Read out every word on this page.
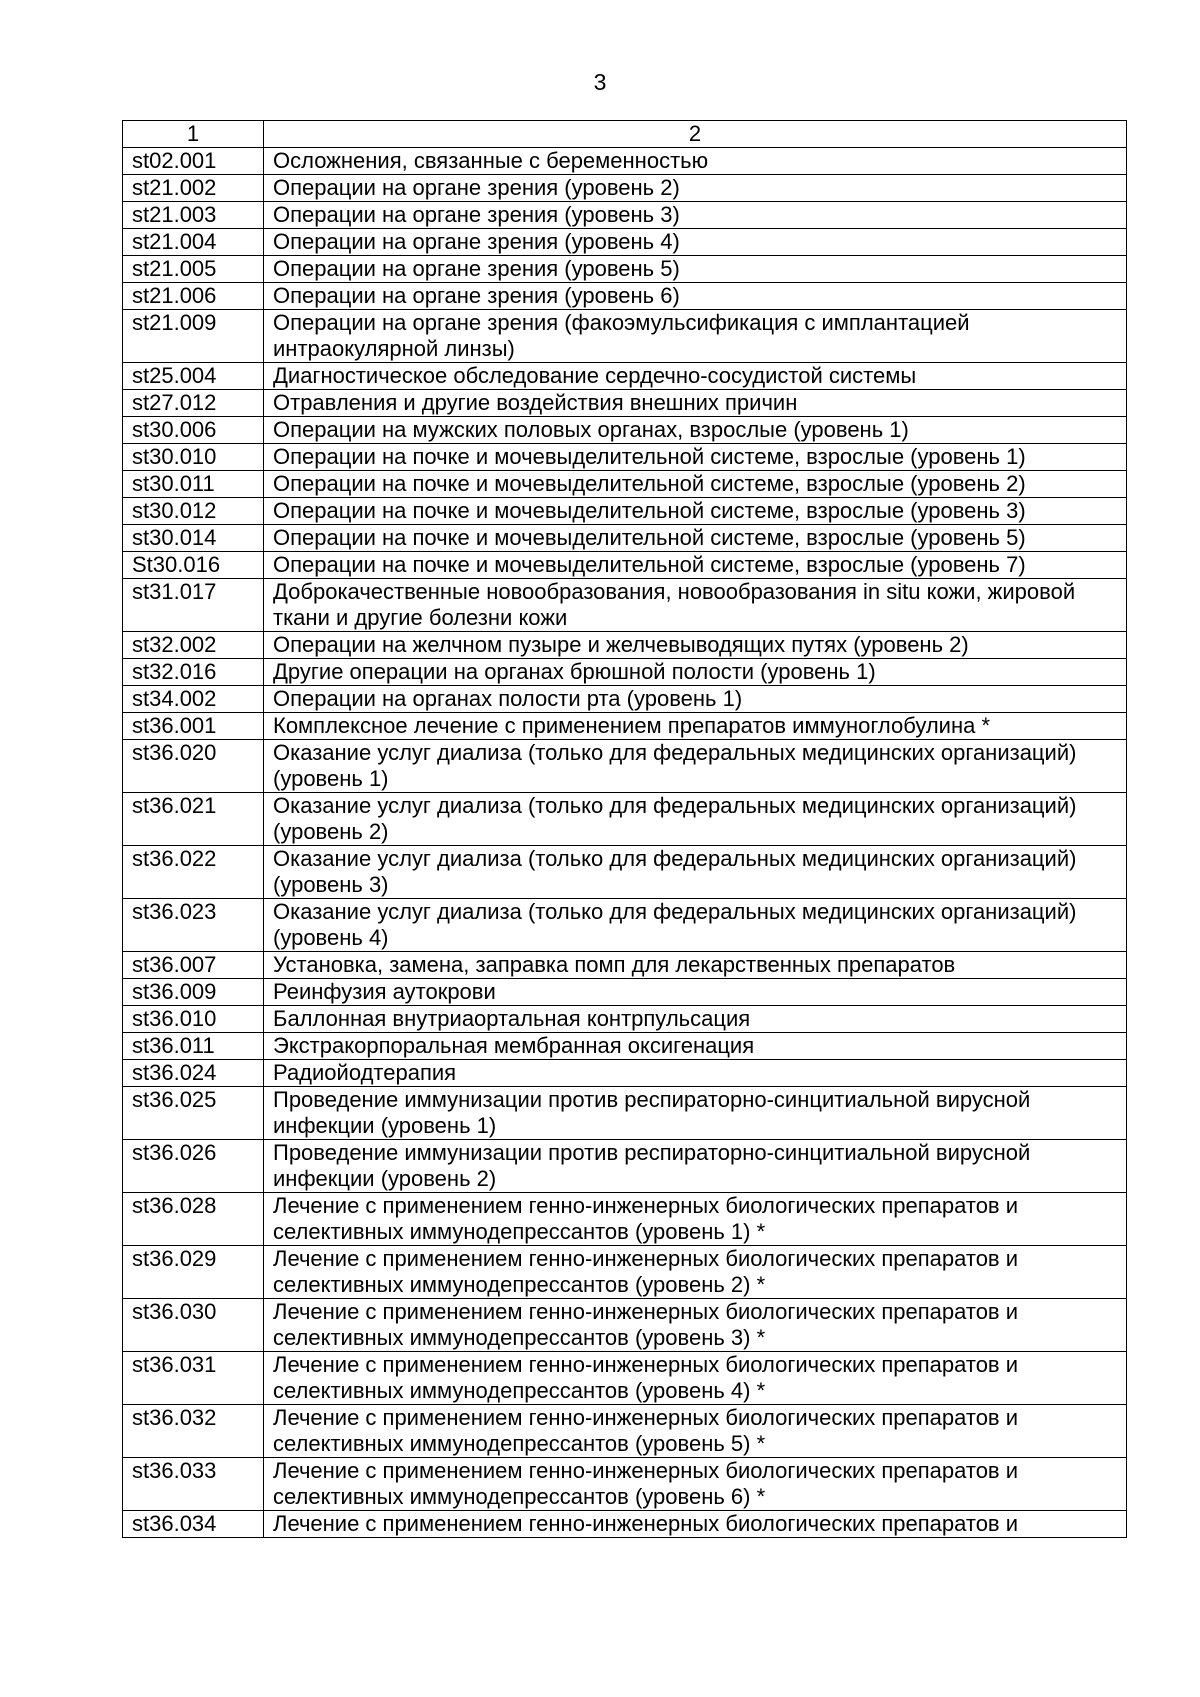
3
1	2
st02.001	Осложнения, связанные с беременностью
st21.002	Операции на органе зрения (уровень 2)
st21.003	Операции на органе зрения (уровень 3)
st21.004	Операции на органе зрения (уровень 4)
st21.005	Операции на органе зрения (уровень 5)
st21.006	Операции на органе зрения (уровень 6)
st21.009	Операции на органе зрения (факоэмульсификация с имплантацией интраокулярной линзы)
st25.004	Диагностическое обследование сердечно-сосудистой системы
st27.012	Отравления и другие воздействия внешних причин
st30.006	Операции на мужских половых органах, взрослые (уровень 1)
st30.010	Операции на почке и мочевыделительной системе, взрослые (уровень 1)
st30.011	Операции на почке и мочевыделительной системе, взрослые (уровень 2)
st30.012	Операции на почке и мочевыделительной системе, взрослые (уровень 3)
st30.014	Операции на почке и мочевыделительной системе, взрослые (уровень 5)
St30.016	Операции на почке и мочевыделительной системе, взрослые (уровень 7)
st31.017	Доброкачественные новообразования, новообразования in situ кожи, жировой ткани и другие болезни кожи
st32.002	Операции на желчном пузыре и желчевыводящих путях (уровень 2)
st32.016	Другие операции на органах брюшной полости (уровень 1)
st34.002	Операции на органах полости рта (уровень 1)
st36.001	Комплексное лечение с применением препаратов иммуноглобулина *
st36.020	Оказание услуг диализа (только для федеральных медицинских организаций) (уровень 1)
st36.021	Оказание услуг диализа (только для федеральных медицинских организаций) (уровень 2)
st36.022	Оказание услуг диализа (только для федеральных медицинских организаций) (уровень 3)
st36.023	Оказание услуг диализа (только для федеральных медицинских организаций) (уровень 4)
st36.007	Установка, замена, заправка помп для лекарственных препаратов
st36.009	Реинфузия аутокрови
st36.010	Баллонная внутриаортальная контрпульсация
st36.011	Экстракорпоральная мембранная оксигенация
st36.024	Радиойодтерапия
st36.025	Проведение иммунизации против респираторно-синцитиальной вирусной инфекции (уровень 1)
st36.026	Проведение иммунизации против респираторно-синцитиальной вирусной инфекции (уровень 2)
st36.028	Лечение с применением генно-инженерных биологических препаратов и селективных иммунодепрессантов (уровень 1) *
st36.029	Лечение с применением генно-инженерных биологических препаратов и селективных иммунодепрессантов (уровень 2) *
st36.030	Лечение с применением генно-инженерных биологических препаратов и селективных иммунодепрессантов (уровень 3) *
st36.031	Лечение с применением генно-инженерных биологических препаратов и селективных иммунодепрессантов (уровень 4) *
st36.032	Лечение с применением генно-инженерных биологических препаратов и селективных иммунодепрессантов (уровень 5) *
st36.033	Лечение с применением генно-инженерных биологических препаратов и селективных иммунодепрессантов (уровень 6) *
st36.034	Лечение с применением генно-инженерных биологических препаратов и
